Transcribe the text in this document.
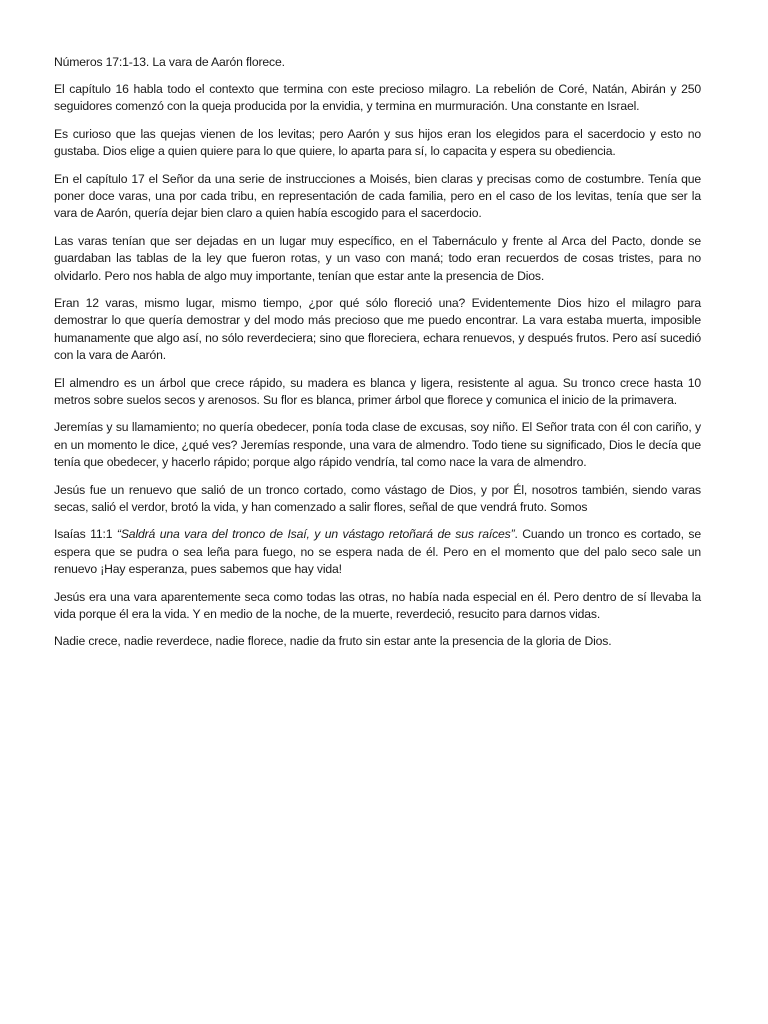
Números 17:1-13. La vara de Aarón florece.

El capítulo 16 habla todo el contexto que termina con este precioso milagro. La rebelión de Coré, Natán, Abirán y 250 seguidores comenzó con la queja producida por la envidia, y termina en murmuración. Una constante en Israel.

Es curioso que las quejas vienen de los levitas; pero Aarón y sus hijos eran los elegidos para el sacerdocio y esto no gustaba. Dios elige a quien quiere para lo que quiere, lo aparta para sí, lo capacita y espera su obediencia.

En el capítulo 17 el Señor da una serie de instrucciones a Moisés, bien claras y precisas como de costumbre. Tenía que poner doce varas, una por cada tribu, en representación de cada familia, pero en el caso de los levitas, tenía que ser la vara de Aarón, quería dejar bien claro a quien había escogido para el sacerdocio.

Las varas tenían que ser dejadas en un lugar muy específico, en el Tabernáculo y frente al Arca del Pacto, donde se guardaban las tablas de la ley que fueron rotas, y un vaso con maná; todo eran recuerdos de cosas tristes, para no olvidarlo. Pero nos habla de algo muy importante, tenían que estar ante la presencia de Dios.

Eran 12 varas, mismo lugar, mismo tiempo, ¿por qué sólo floreció una? Evidentemente Dios hizo el milagro para demostrar lo que quería demostrar y del modo más precioso que me puedo encontrar. La vara estaba muerta, imposible humanamente que algo así, no sólo reverdeciera; sino que floreciera, echara renuevos, y después frutos. Pero así sucedió con la vara de Aarón.

El almendro es un árbol que crece rápido, su madera es blanca y ligera, resistente al agua. Su tronco crece hasta 10 metros sobre suelos secos y arenosos. Su flor es blanca, primer árbol que florece y comunica el inicio de la primavera.

Jeremías y su llamamiento; no quería obedecer, ponía toda clase de excusas, soy niño. El Señor trata con él con cariño, y en un momento le dice, ¿qué ves? Jeremías responde, una vara de almendro. Todo tiene su significado, Dios le decía que tenía que obedecer, y hacerlo rápido; porque algo rápido vendría, tal como nace la vara de almendro.

Jesús fue un renuevo que salió de un tronco cortado, como vástago de Dios, y por Él, nosotros también, siendo varas secas, salió el verdor, brotó la vida, y han comenzado a salir flores, señal de que vendrá fruto. Somos

Isaías 11:1 “Saldrá una vara del tronco de Isaí, y un vástago retoñará de sus raíces”. Cuando un tronco es cortado, se espera que se pudra o sea leña para fuego, no se espera nada de él. Pero en el momento que del palo seco sale un renuevo ¡Hay esperanza, pues sabemos que hay vida!

Jesús era una vara aparentemente seca como todas las otras, no había nada especial en él. Pero dentro de sí llevaba la vida porque él era la vida. Y en medio de la noche, de la muerte, reverdeció, resucito para darnos vidas.

Nadie crece, nadie reverdece, nadie florece, nadie da fruto sin estar ante la presencia de la gloria de Dios.
